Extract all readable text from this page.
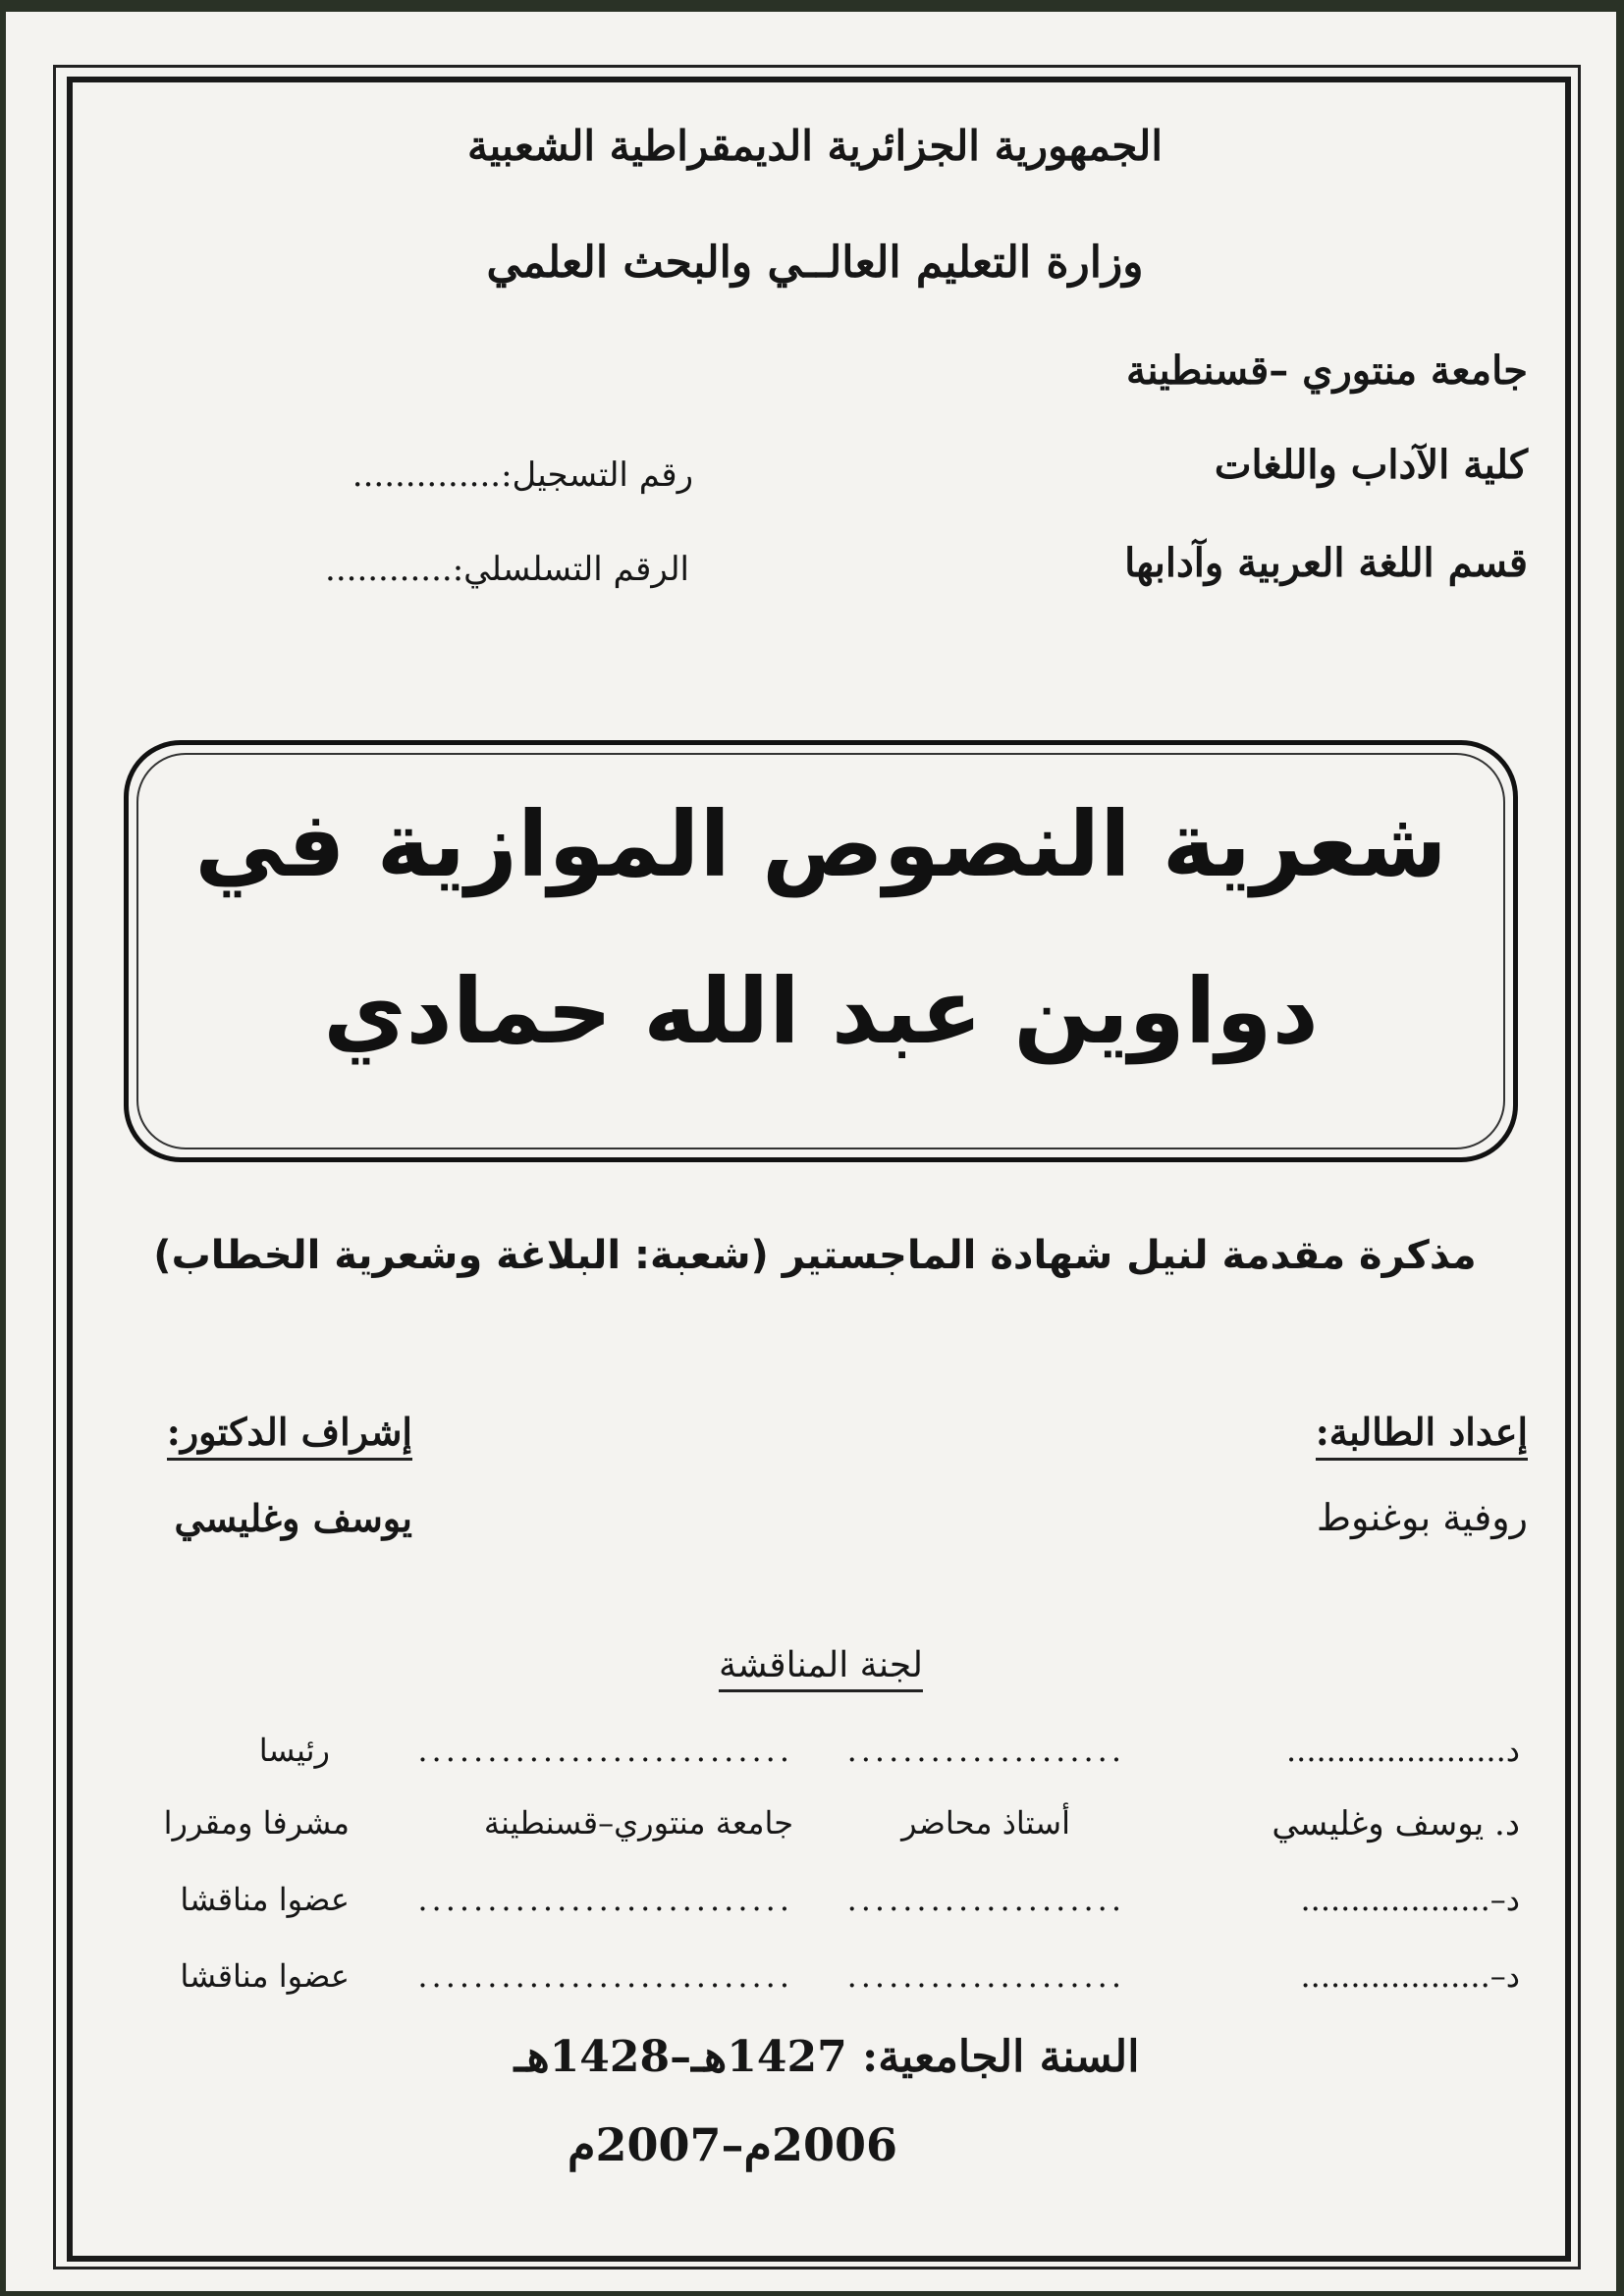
الجمهورية الجزائرية الديمقراطية الشعبية
وزارة التعليم العالــي والبحث العلمي
جامعة منتوري –قسنطينة
كلية الآداب واللغات
قسم اللغة العربية وآدابها
رقم التسجيل:..............
الرقم التسلسلي:............
شعرية النصوص الموازية في
دواوين عبد الله حمادي
مذكرة مقدمة لنيل شهادة الماجستير (شعبة: البلاغة وشعرية الخطاب)
إعداد الطالبة:
روفية بوغنوط
إشراف الدكتور:
يوسف وغليسي
لجنة المناقشة
د......................
....................
...........................
رئيسا
د. يوسف وغليسي
أستاذ محاضر
جامعة منتوري–قسنطينة
مشرفا ومقررا
د–...................
....................
...........................
عضوا مناقشا
د–...................
....................
...........................
عضوا مناقشا
السنة الجامعية: 1427هـ–1428هـ
2006م–2007م
